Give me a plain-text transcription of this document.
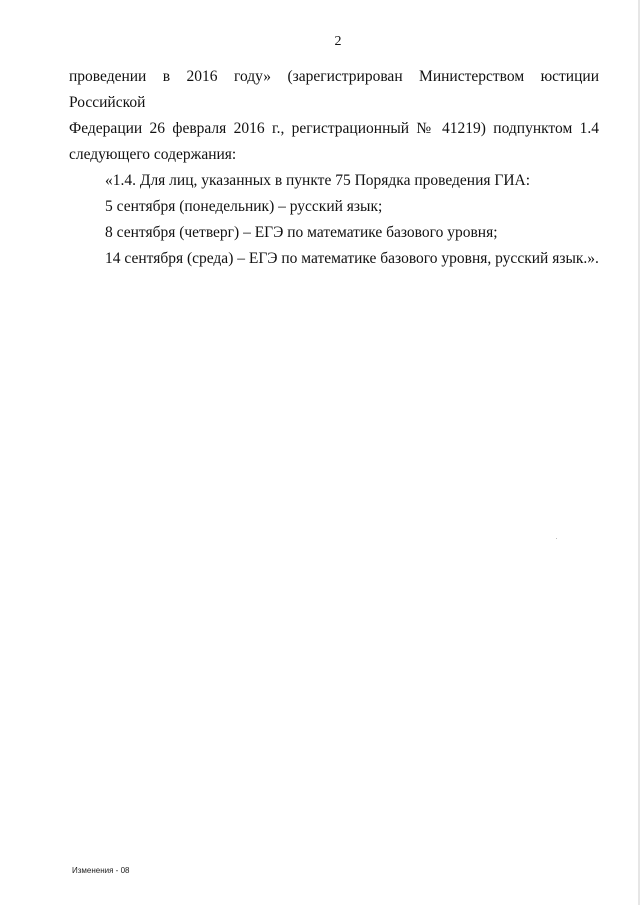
2

проведении в 2016 году» (зарегистрирован Министерством юстиции Российской
Федерации 26 февраля 2016 г., регистрационный № 41219) подпунктом 1.4
следующего содержания:

«1.4. Для лиц, указанных в пункте 75 Порядка проведения ГИА:

5 сентября (понедельник) – русский язык;

8 сентября (четверг) – ЕГЭ по математике базового уровня;

14 сентября (среда) – ЕГЭ по математике базового уровня, русский язык.».

Изменения - 08
